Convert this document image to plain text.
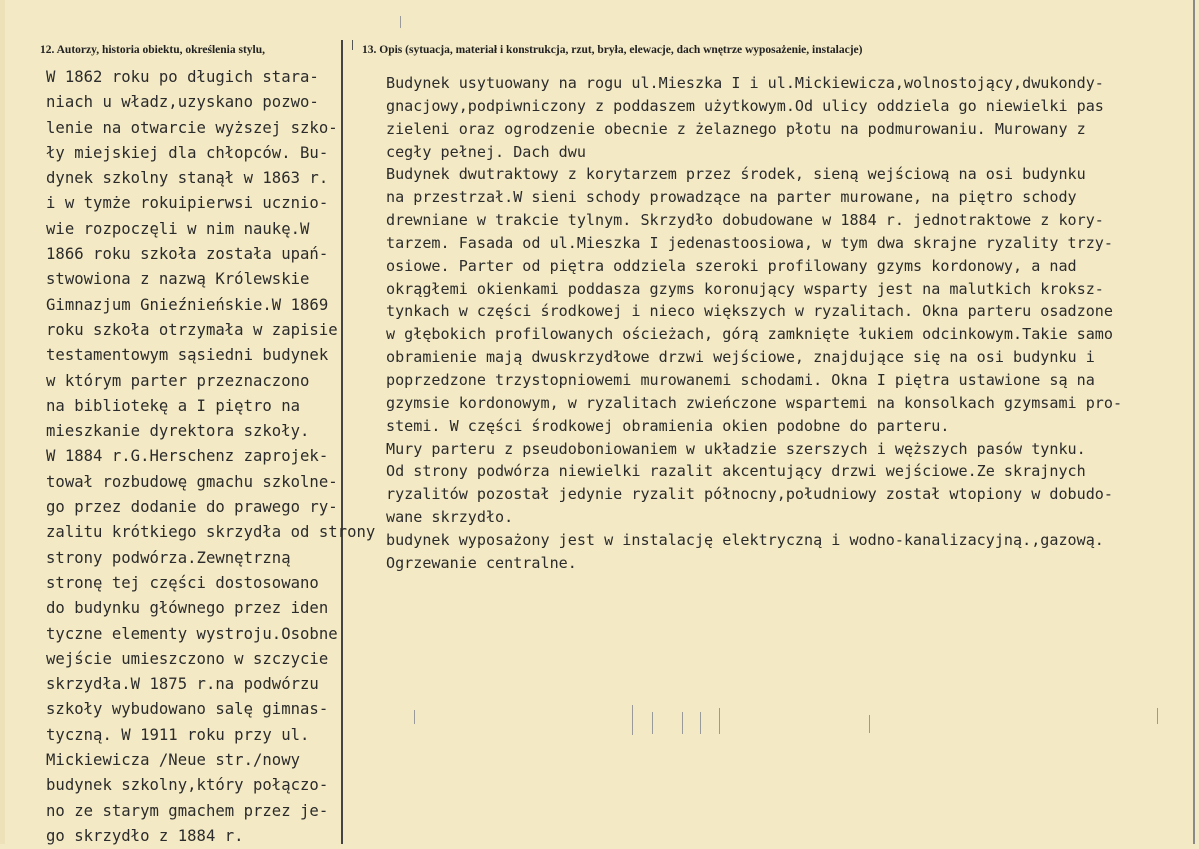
12. Autorzy, historia obiektu, określenia stylu,	13. Opis (sytuacja, materiał i konstrukcja, rzut, bryła, elewacje, dach wnętrze wyposażenie, instalacje)
W 1862 roku po długich stara-
niach u władz,uzyskano pozwo-
lenie na otwarcie wyższej szko-
ły miejskiej dla chłopców. Bu-
dynek szkolny stanął w 1863 r.
i w tymże rokuipierwsi ucznio-
wie rozpoczęli w nim naukę.W
1866 roku szkoła została upań-
stwowiona z nazwą Królewskie
Gimnazjum Gnieźnieńskie.W 1869
roku szkoła otrzymała w zapisie
testamentowym sąsiedni budynek
w którym parter przeznaczono
na bibliotekę a I piętro na
mieszkanie dyrektora szkoły.
W 1884 r.G.Herschenz zaprojek-
tował rozbudowę gmachu szkolne-
go przez dodanie do prawego ry-
zalitu krótkiego skrzydła od strony
strony podwórza.Zewnętrzną
stronę tej części dostosowano
do budynku głównego przez iden
tyczne elementy wystroju.Osobne
wejście umieszczono w szczycie
skrzydła.W 1875 r.na podwórzu
szkoły wybudowano salę gimnas-
tyczną. W 1911 roku przy ul.
Mickiewicza /Neue str./nowy
budynek szkolny,który połączo-
no ze starym gmachem przez je-
go skrzydło z 1884 r.
Budynek usytuowany na rogu ul.Mieszka I i ul.Mickiewicza,wolnostojący,dwukondy-
gnacjowy,podpiwniczony z poddaszem użytkowym.Od ulicy oddziela go niewielki pas
zieleni oraz ogrodzenie obecnie z żelaznego płotu na podmurowaniu. Murowany z
cegły pełnej. Dach dwu
Budynek dwutraktowy z korytarzem przez środek, sieną wejściową na osi budynku
na przestrzał.W sieni schody prowadzące na parter murowane, na piętro schody
drewniane w trakcie tylnym. Skrzydło dobudowane w 1884 r. jednotraktowe z kory-
tarzem. Fasada od ul.Mieszka I jedenastoosiowa, w tym dwa skrajne ryzality trzy-
osiowe. Parter od piętra oddziela szeroki profilowany gzyms kordonowy, a nad
okrągłemi okienkami poddasza gzyms koronujący wsparty jest na malutkich kroksz-
tynkach w części środkowej i nieco większych w ryzalitach. Okna parteru osadzone
w głębokich profilowanych ościeżach, górą zamknięte łukiem odcinkowym.Takie samo
obramienie mają dwuskrzydłowe drzwi wejściowe, znajdujące się na osi budynku i
poprzedzone trzystopniowemi murowanemi schodami. Okna I piętra ustawione są na
gzymsie kordonowym, w ryzalitach zwieńczone wspartemi na konsolkach gzymsami pro-
stemi. W części środkowej obramienia okien podobne do parteru.
Mury parteru z pseudoboniowaniem w układzie szerszych i węższych pasów tynku.
Od strony podwórza niewielki razalit akcentujący drzwi wejściowe.Ze skrajnych
ryzalitów pozostał jedynie ryzalit północny,południowy został wtopiony w dobudo-
wane skrzydło.
budynek wyposażony jest w instalację elektryczną i wodno-kanalizacyjną.,gazową.
Ogrzewanie centralne.
